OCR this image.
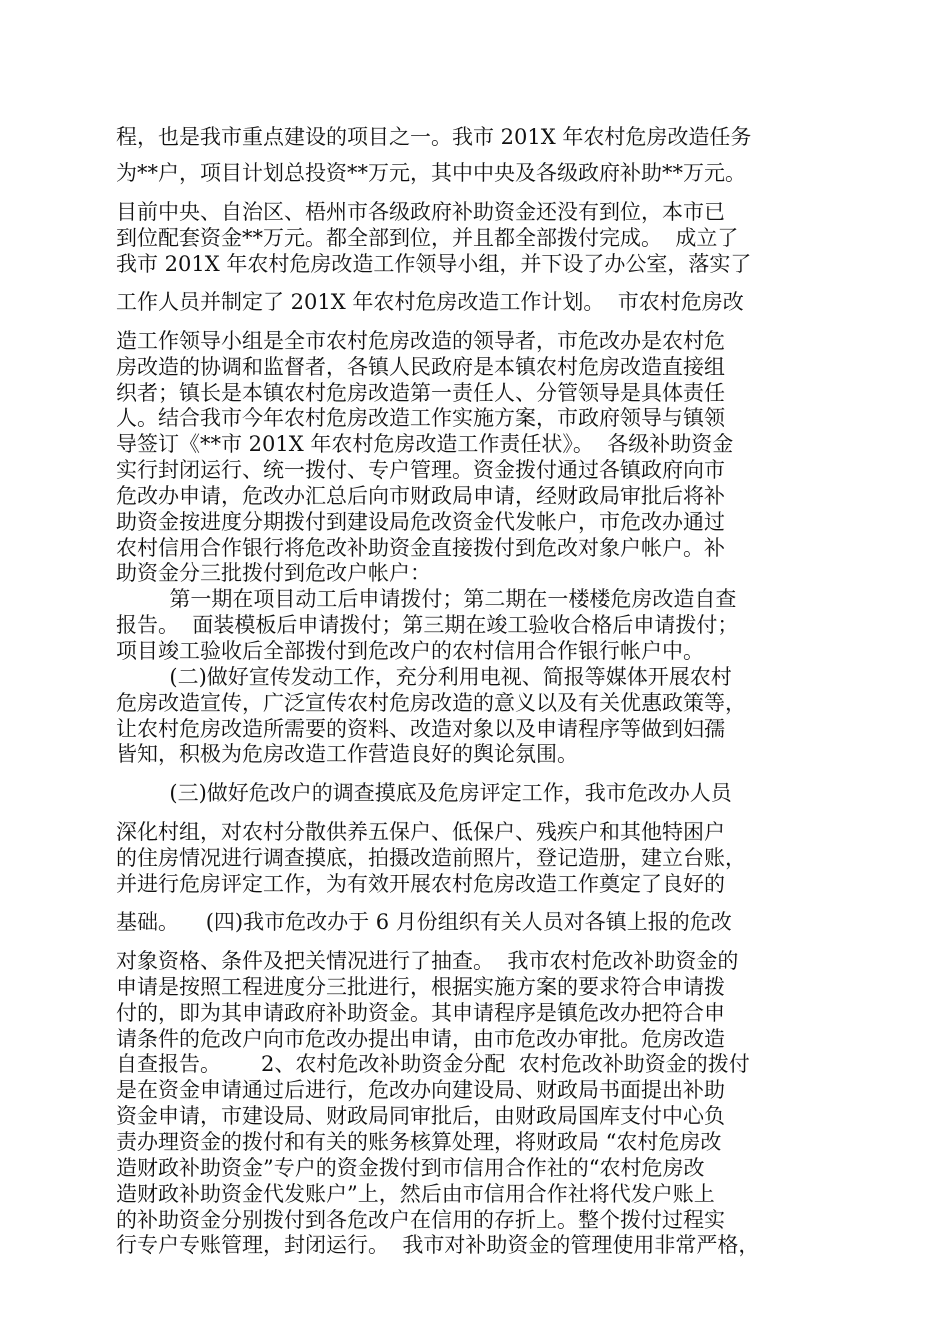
程，也是我市重点建设的项目之一。我市 201X 年农村危房改造任务

为**户，项目计划总投资**万元，其中中央及各级政府补助**万元。

目前中央、自治区、梧州市各级政府补助资金还没有到位，本市已

到位配套资金**万元。都全部到位，并且都全部拨付完成。  成立了

我市 201X 年农村危房改造工作领导小组，并下设了办公室，落实了

工作人员并制定了 201X 年农村危房改造工作计划。  市农村危房改

造工作领导小组是全市农村危房改造的领导者，市危改办是农村危

房改造的协调和监督者，各镇人民政府是本镇农村危房改造直接组

织者；镇长是本镇农村危房改造第一责任人、分管领导是具体责任

人。结合我市今年农村危房改造工作实施方案，市政府领导与镇领

导签订《**市 201X 年农村危房改造工作责任状》。  各级补助资金

实行封闭运行、统一拨付、专户管理。资金拨付通过各镇政府向市

危改办申请，危改办汇总后向市财政局申请，经财政局审批后将补

助资金按进度分期拨付到建设局危改资金代发帐户，市危改办通过

农村信用合作银行将危改补助资金直接拨付到危改对象户帐户。补

助资金分三批拨付到危改户帐户：

第一期在项目动工后申请拨付；第二期在一楼楼危房改造自查

报告。  面装模板后申请拨付；第三期在竣工验收合格后申请拨付；

项目竣工验收后全部拨付到危改户的农村信用合作银行帐户中。

(二)做好宣传发动工作，充分利用电视、简报等媒体开展农村

危房改造宣传，广泛宣传农村危房改造的意义以及有关优惠政策等，

让农村危房改造所需要的资料、改造对象以及申请程序等做到妇孺

皆知，积极为危房改造工作营造良好的舆论氛围。

(三)做好危改户的调查摸底及危房评定工作，我市危改办人员

深化村组，对农村分散供养五保户、低保户、残疾户和其他特困户

的住房情况进行调查摸底，拍摄改造前照片，登记造册，建立台账，

并进行危房评定工作，为有效开展农村危房改造工作奠定了良好的

基础。    (四)我市危改办于 6 月份组织有关人员对各镇上报的危改

对象资格、条件及把关情况进行了抽查。  我市农村危改补助资金的

申请是按照工程进度分三批进行，根据实施方案的要求符合申请拨

付的，即为其申请政府补助资金。其申请程序是镇危改办把符合申

请条件的危改户向市危改办提出申请，由市危改办审批。危房改造

自查报告。      2、农村危改补助资金分配  农村危改补助资金的拨付

是在资金申请通过后进行，危改办向建设局、财政局书面提出补助

资金申请，市建设局、财政局同审批后，由财政局国库支付中心负

责办理资金的拨付和有关的账务核算处理，将财政局 “农村危房改

造财政补助资金”专户的资金拨付到市信用合作社的“农村危房改

造财政补助资金代发账户”上，然后由市信用合作社将代发户账上

的补助资金分别拨付到各危改户在信用的存折上。整个拨付过程实

行专户专账管理，封闭运行。  我市对补助资金的管理使用非常严格，
